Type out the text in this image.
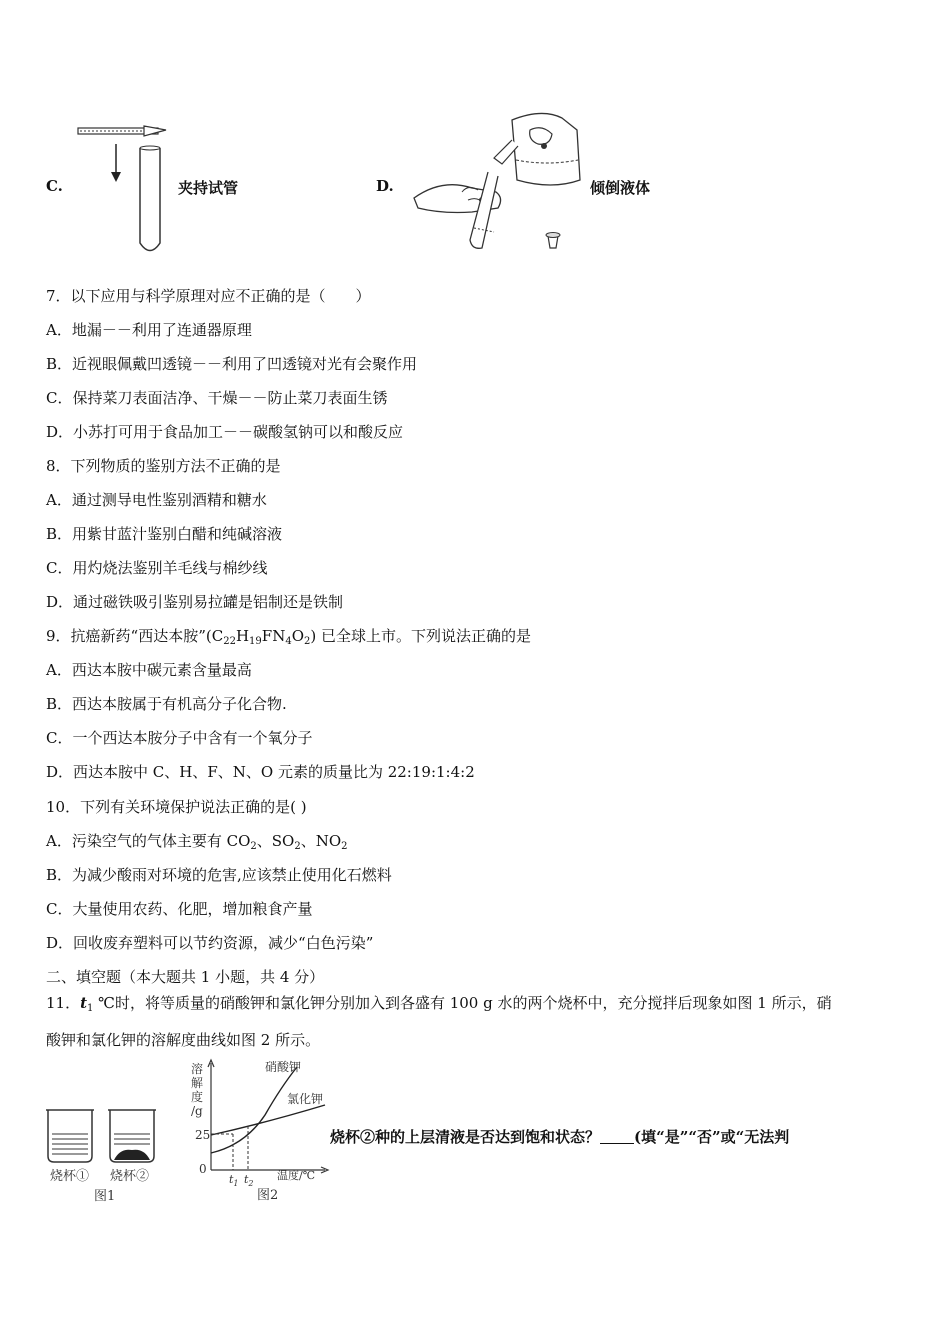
C.	夹持试管	D.	倾倒液体
7．以下应用与科学原理对应不正确的是（　　）
A．地漏－－利用了连通器原理
B．近视眼佩戴凹透镜－－利用了凹透镜对光有会聚作用
C．保持菜刀表面洁净、干燥－－防止菜刀表面生锈
D．小苏打可用于食品加工－－碳酸氢钠可以和酸反应
8．下列物质的鉴别方法不正确的是
A．通过测导电性鉴别酒精和糖水
B．用紫甘蓝汁鉴别白醋和纯碱溶液
C．用灼烧法鉴别羊毛线与棉纱线
D．通过磁铁吸引鉴别易拉罐是铝制还是铁制
9．抗癌新药“西达本胺$”(C_{22}H_{19}FN_4O_2)$ 已全球上市。下列说法正确的是
A．西达本胺中碳元素含量最高
B．西达本胺属于有机高分子化合物.
C．一个西达本胺分子中含有一个氧分子
D．西达本胺中 C、H、F、N、O 元素的质量比为 22:19:1:4:2
10．下列有关环境保护说法正确的是( )
A．污染空气的气体主要有 $CO_2$、$SO_2$、$NO_2$
B．为减少酸雨对环境的危害,应该禁止使用化石燃料
C．大量使用农药、化肥，增加粮食产量
D．回收废弃塑料可以节约资源，减少“白色污染”
二、填空题（本大题共 1 小题，共 4 分）
11．$t_1$ ℃时，将等质量的硝酸钾和氯化钾分别加入到各盛有 100 g 水的两个烧杯中，充分搅拌后现象如图 1 所示，硝
酸钾和氯化钾的溶解度曲线如图 2 所示。
烧杯① 烧杯②
图1
溶
解
度
/g
25
0
$t_1$ $t_2$
温度/℃
硝酸钾
氯化钾
图2
烧杯②种的上层清液是否达到饱和状态？ (填“是”“否”或“无法判
